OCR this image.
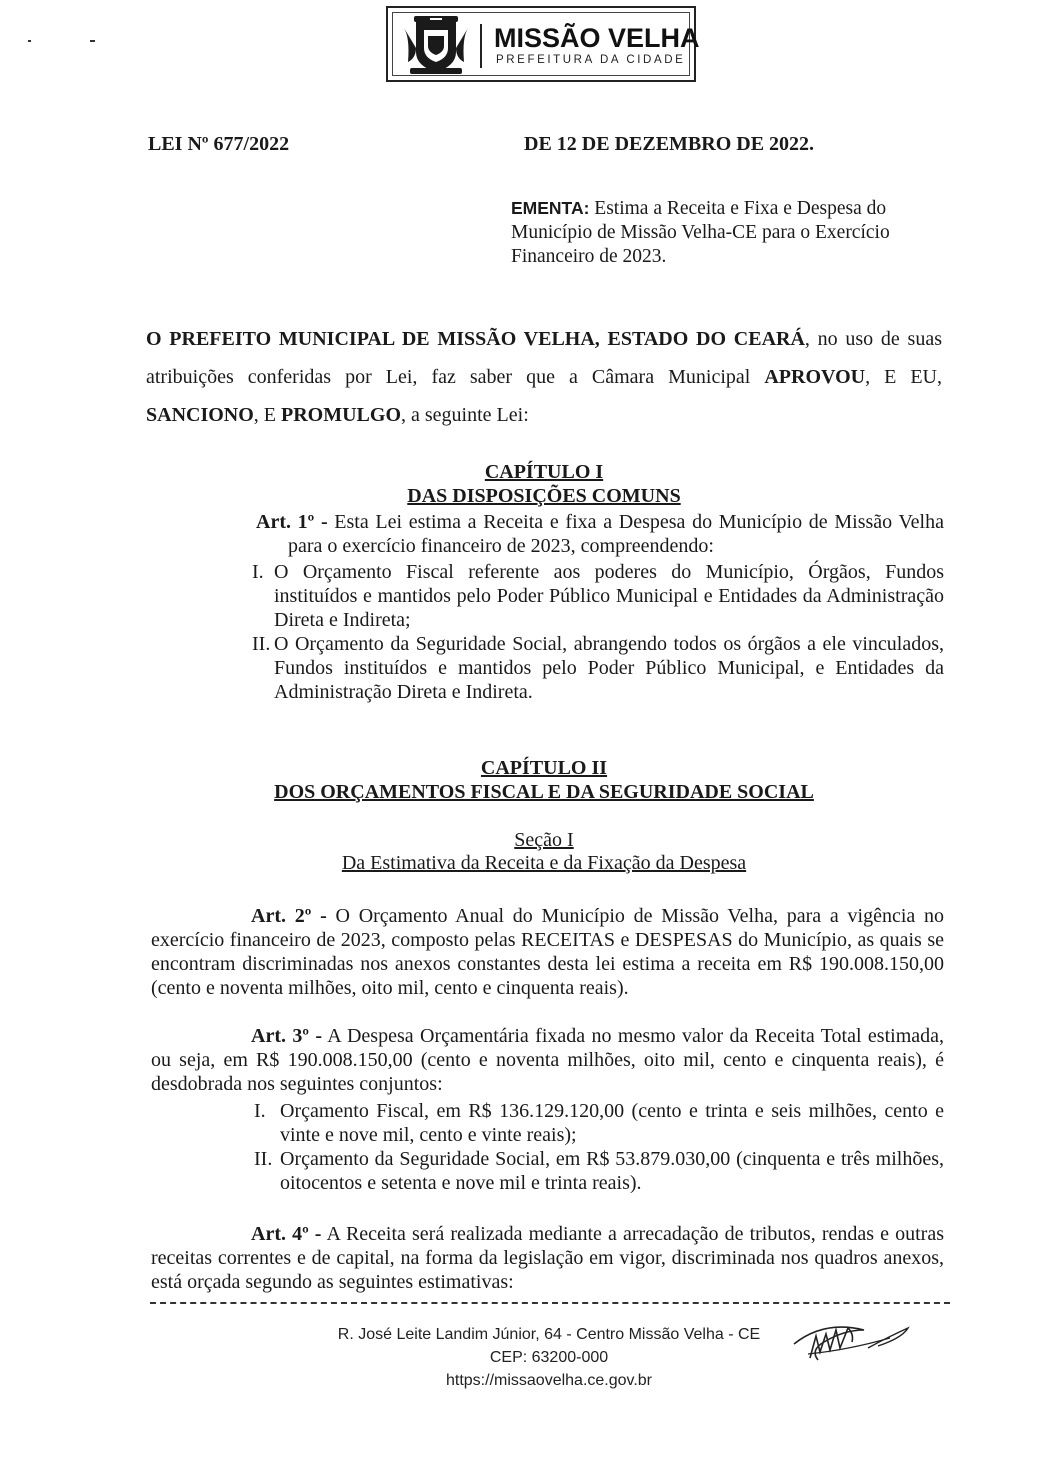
MISSÃO VELHA
PREFEITURA DA CIDADE
LEI Nº 677/2022	DE 12 DE DEZEMBRO DE 2022.
EMENTA: Estima a Receita e Fixa e Despesa do Município de Missão Velha-CE para o Exercício Financeiro de 2023.
O PREFEITO MUNICIPAL DE MISSÃO VELHA, ESTADO DO CEARÁ, no uso de suas atribuições conferidas por Lei, faz saber que a Câmara Municipal APROVOU, E EU, SANCIONO, E PROMULGO, a seguinte Lei:
CAPÍTULO I
DAS DISPOSIÇÕES COMUNS
Art. 1º - Esta Lei estima a Receita e fixa a Despesa do Município de Missão Velha para o exercício financeiro de 2023, compreendendo:
I. O Orçamento Fiscal referente aos poderes do Município, Órgãos, Fundos instituídos e mantidos pelo Poder Público Municipal e Entidades da Administração Direta e Indireta;
II. O Orçamento da Seguridade Social, abrangendo todos os órgãos a ele vinculados, Fundos instituídos e mantidos pelo Poder Público Municipal, e Entidades da Administração Direta e Indireta.
CAPÍTULO II
DOS ORÇAMENTOS FISCAL E DA SEGURIDADE SOCIAL
Seção I
Da Estimativa da Receita e da Fixação da Despesa
Art. 2º - O Orçamento Anual do Município de Missão Velha, para a vigência no exercício financeiro de 2023, composto pelas RECEITAS e DESPESAS do Município, as quais se encontram discriminadas nos anexos constantes desta lei estima a receita em R$ 190.008.150,00 (cento e noventa milhões, oito mil, cento e cinquenta reais).
Art. 3º - A Despesa Orçamentária fixada no mesmo valor da Receita Total estimada, ou seja, em R$ 190.008.150,00 (cento e noventa milhões, oito mil, cento e cinquenta reais), é desdobrada nos seguintes conjuntos:
I. Orçamento Fiscal, em R$ 136.129.120,00 (cento e trinta e seis milhões, cento e vinte e nove mil, cento e vinte reais);
II. Orçamento da Seguridade Social, em R$ 53.879.030,00 (cinquenta e três milhões, oitocentos e setenta e nove mil e trinta reais).
Art. 4º - A Receita será realizada mediante a arrecadação de tributos, rendas e outras receitas correntes e de capital, na forma da legislação em vigor, discriminada nos quadros anexos, está orçada segundo as seguintes estimativas:
R. José Leite Landim Júnior, 64 - Centro Missão Velha - CE
CEP: 63200-000
https://missaovelha.ce.gov.br
